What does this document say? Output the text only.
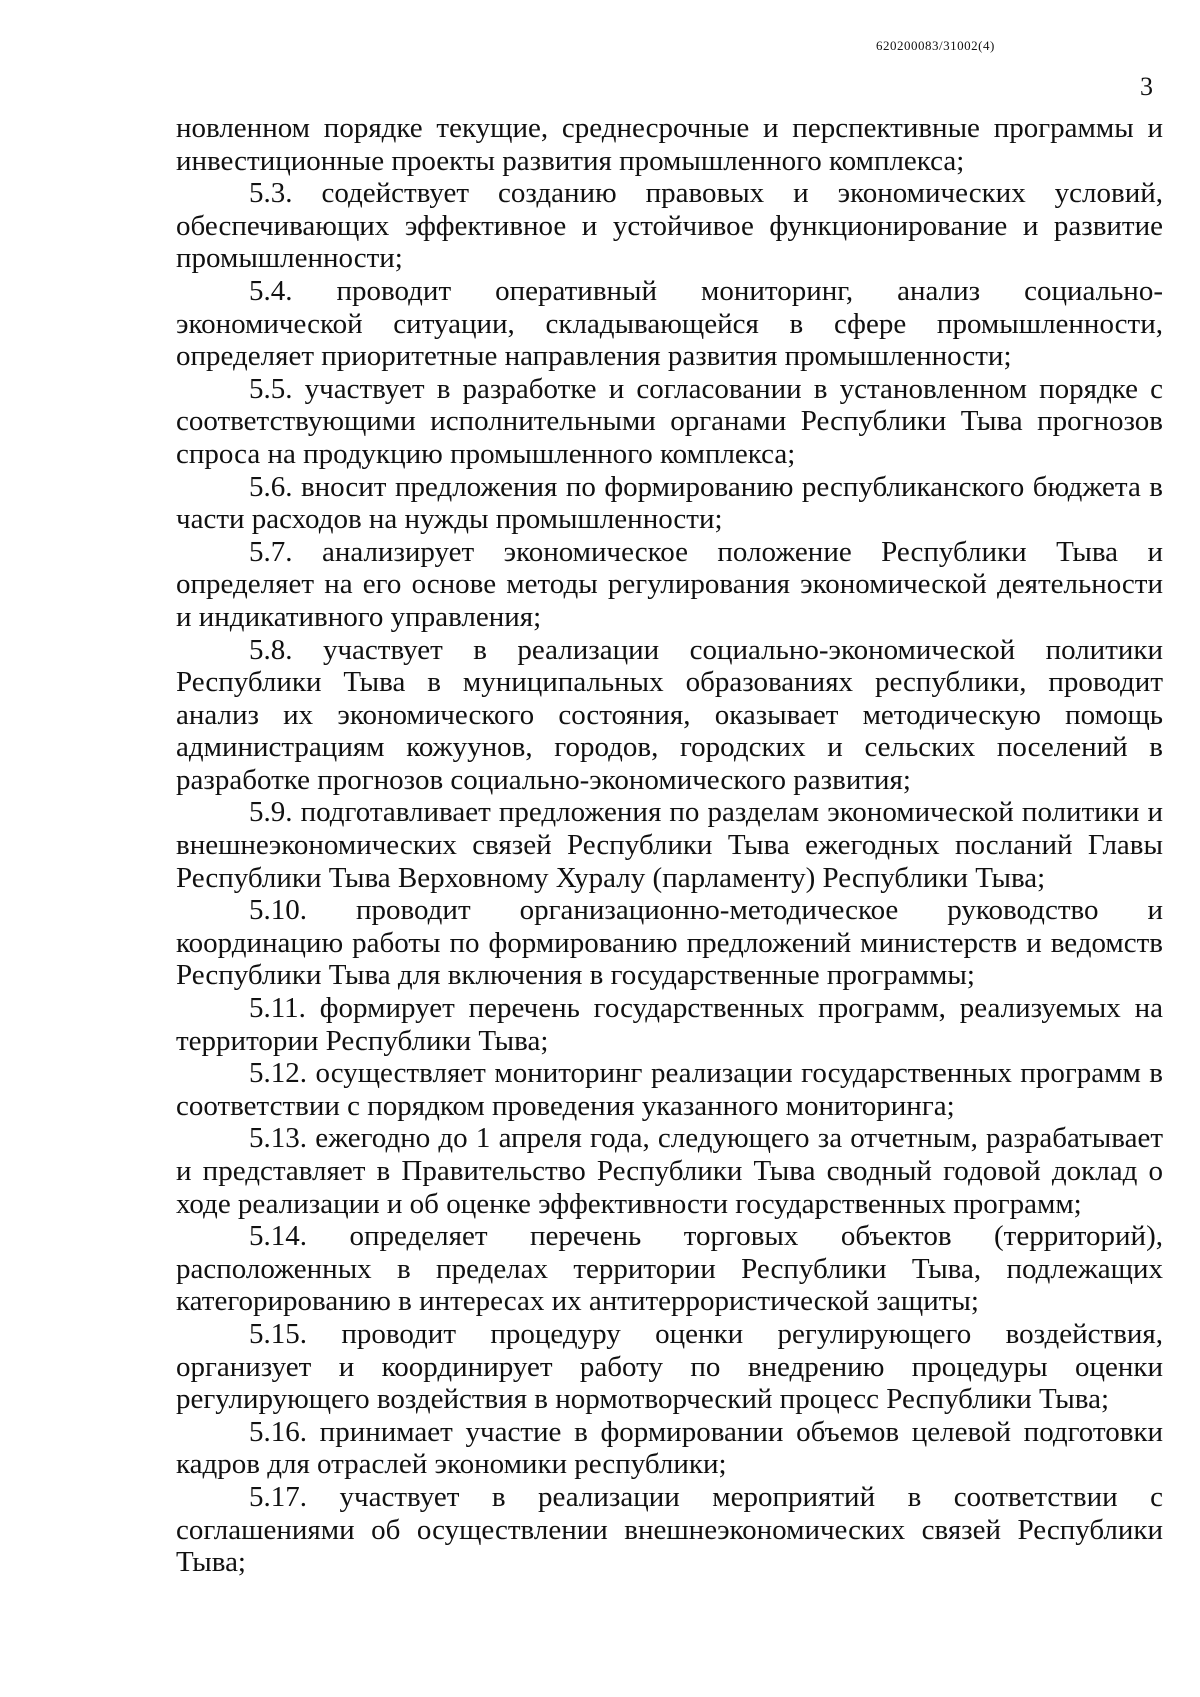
620200083/31002(4)
3

новленном порядке текущие, среднесрочные и перспективные программы и инвестиционные проекты развития промышленного комплекса;

5.3. содействует созданию правовых и экономических условий, обеспечивающих эффективное и устойчивое функционирование и развитие промышленности;

5.4. проводит оперативный мониторинг, анализ социально-экономической ситуации, складывающейся в сфере промышленности, определяет приоритетные направления развития промышленности;

5.5. участвует в разработке и согласовании в установленном порядке с соответствующими исполнительными органами Республики Тыва прогнозов спроса на продукцию промышленного комплекса;

5.6. вносит предложения по формированию республиканского бюджета в части расходов на нужды промышленности;

5.7. анализирует экономическое положение Республики Тыва и определяет на его основе методы регулирования экономической деятельности и индикативного управления;

5.8. участвует в реализации социально-экономической политики Республики Тыва в муниципальных образованиях республики, проводит анализ их экономического состояния, оказывает методическую помощь администрациям кожуунов, городов, городских и сельских поселений в разработке прогнозов социально-экономического развития;

5.9. подготавливает предложения по разделам экономической политики и внешнеэкономических связей Республики Тыва ежегодных посланий Главы Республики Тыва Верховному Хуралу (парламенту) Республики Тыва;

5.10. проводит организационно-методическое руководство и координацию работы по формированию предложений министерств и ведомств Республики Тыва для включения в государственные программы;

5.11. формирует перечень государственных программ, реализуемых на территории Республики Тыва;

5.12. осуществляет мониторинг реализации государственных программ в соответствии с порядком проведения указанного мониторинга;

5.13. ежегодно до 1 апреля года, следующего за отчетным, разрабатывает и представляет в Правительство Республики Тыва сводный годовой доклад о ходе реализации и об оценке эффективности государственных программ;

5.14. определяет перечень торговых объектов (территорий), расположенных в пределах территории Республики Тыва, подлежащих категорированию в интересах их антитеррористической защиты;

5.15. проводит процедуру оценки регулирующего воздействия, организует и координирует работу по внедрению процедуры оценки регулирующего воздействия в нормотворческий процесс Республики Тыва;

5.16. принимает участие в формировании объемов целевой подготовки кадров для отраслей экономики республики;

5.17. участвует в реализации мероприятий в соответствии с соглашениями об осуществлении внешнеэкономических связей Республики Тыва;
